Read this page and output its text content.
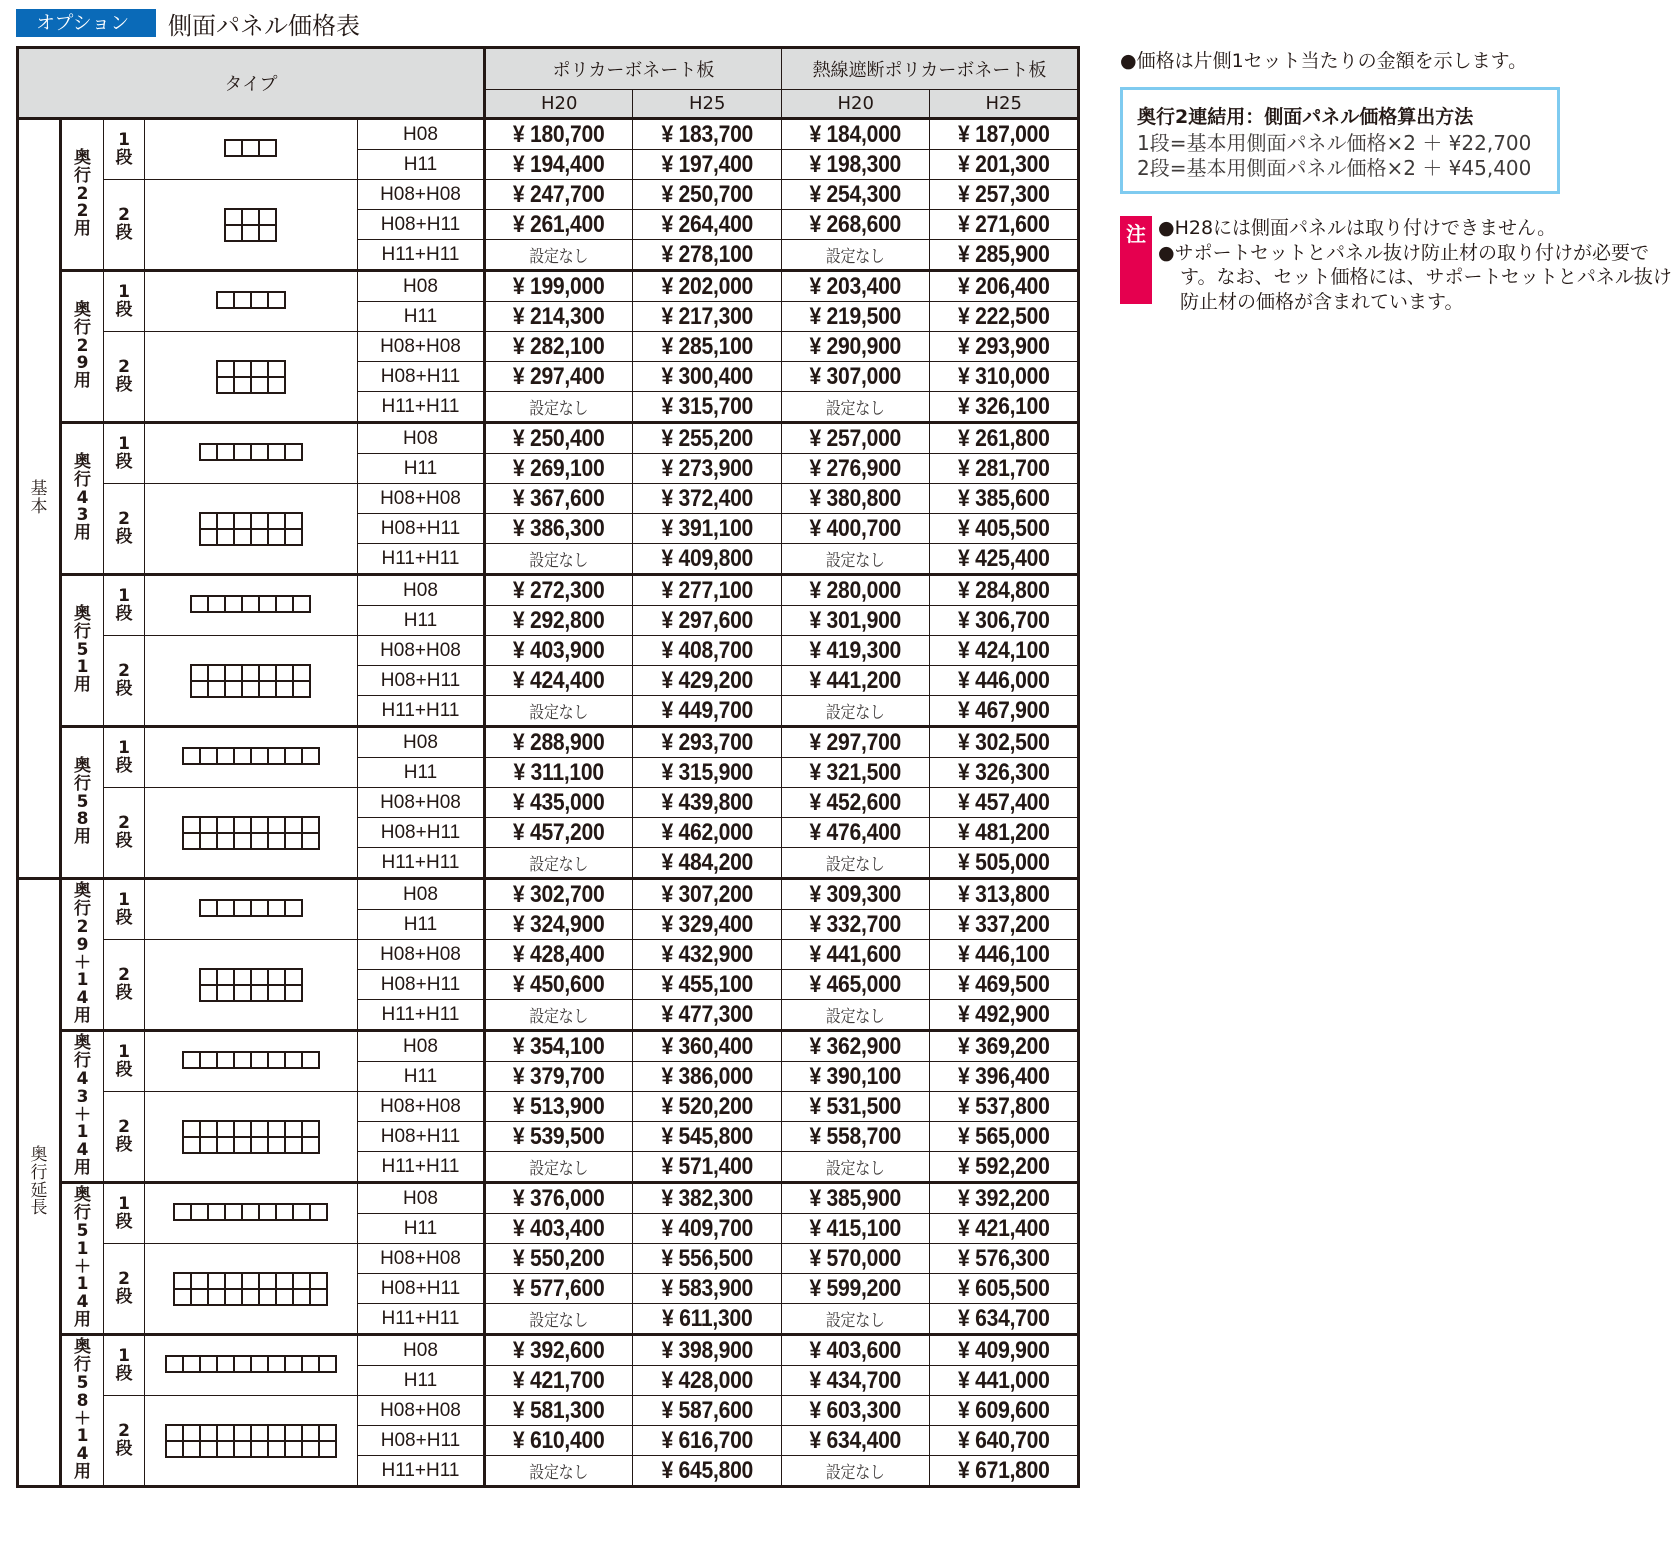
オプション	側面パネル価格表
タイプ					ポリカーボネート板		熱線遮断ポリカーボネート板	
					H20	H25	H20	H25
基本	奥行22用	1段		H08	¥ 180,700	¥ 183,700	¥ 184,000	¥ 187,000
				H11	¥ 194,400	¥ 197,400	¥ 198,300	¥ 201,300
		2段		H08+H08	¥ 247,700	¥ 250,700	¥ 254,300	¥ 257,300
				H08+H11	¥ 261,400	¥ 264,400	¥ 268,600	¥ 271,600
				H11+H11	設定なし	¥ 278,100	設定なし	¥ 285,900
	奥行29用	1段		H08	¥ 199,000	¥ 202,000	¥ 203,400	¥ 206,400
				H11	¥ 214,300	¥ 217,300	¥ 219,500	¥ 222,500
		2段		H08+H08	¥ 282,100	¥ 285,100	¥ 290,900	¥ 293,900
				H08+H11	¥ 297,400	¥ 300,400	¥ 307,000	¥ 310,000
				H11+H11	設定なし	¥ 315,700	設定なし	¥ 326,100
	奥行43用	1段		H08	¥ 250,400	¥ 255,200	¥ 257,000	¥ 261,800
				H11	¥ 269,100	¥ 273,900	¥ 276,900	¥ 281,700
		2段		H08+H08	¥ 367,600	¥ 372,400	¥ 380,800	¥ 385,600
				H08+H11	¥ 386,300	¥ 391,100	¥ 400,700	¥ 405,500
				H11+H11	設定なし	¥ 409,800	設定なし	¥ 425,400
	奥行51用	1段		H08	¥ 272,300	¥ 277,100	¥ 280,000	¥ 284,800
				H11	¥ 292,800	¥ 297,600	¥ 301,900	¥ 306,700
		2段		H08+H08	¥ 403,900	¥ 408,700	¥ 419,300	¥ 424,100
				H08+H11	¥ 424,400	¥ 429,200	¥ 441,200	¥ 446,000
				H11+H11	設定なし	¥ 449,700	設定なし	¥ 467,900
	奥行58用	1段		H08	¥ 288,900	¥ 293,700	¥ 297,700	¥ 302,500
				H11	¥ 311,100	¥ 315,900	¥ 321,500	¥ 326,300
		2段		H08+H08	¥ 435,000	¥ 439,800	¥ 452,600	¥ 457,400
				H08+H11	¥ 457,200	¥ 462,000	¥ 476,400	¥ 481,200
				H11+H11	設定なし	¥ 484,200	設定なし	¥ 505,000
奥行延長	奥行29＋14用	1段		H08	¥ 302,700	¥ 307,200	¥ 309,300	¥ 313,800
				H11	¥ 324,900	¥ 329,400	¥ 332,700	¥ 337,200
		2段		H08+H08	¥ 428,400	¥ 432,900	¥ 441,600	¥ 446,100
				H08+H11	¥ 450,600	¥ 455,100	¥ 465,000	¥ 469,500
				H11+H11	設定なし	¥ 477,300	設定なし	¥ 492,900
	奥行43＋14用	1段		H08	¥ 354,100	¥ 360,400	¥ 362,900	¥ 369,200
				H11	¥ 379,700	¥ 386,000	¥ 390,100	¥ 396,400
		2段		H08+H08	¥ 513,900	¥ 520,200	¥ 531,500	¥ 537,800
				H08+H11	¥ 539,500	¥ 545,800	¥ 558,700	¥ 565,000
				H11+H11	設定なし	¥ 571,400	設定なし	¥ 592,200
	奥行51＋14用	1段		H08	¥ 376,000	¥ 382,300	¥ 385,900	¥ 392,200
				H11	¥ 403,400	¥ 409,700	¥ 415,100	¥ 421,400
		2段		H08+H08	¥ 550,200	¥ 556,500	¥ 570,000	¥ 576,300
				H08+H11	¥ 577,600	¥ 583,900	¥ 599,200	¥ 605,500
				H11+H11	設定なし	¥ 611,300	設定なし	¥ 634,700
	奥行58＋14用	1段		H08	¥ 392,600	¥ 398,900	¥ 403,600	¥ 409,900
				H11	¥ 421,700	¥ 428,000	¥ 434,700	¥ 441,000
		2段		H08+H08	¥ 581,300	¥ 587,600	¥ 603,300	¥ 609,600
				H08+H11	¥ 610,400	¥ 616,700	¥ 634,400	¥ 640,700
				H11+H11	設定なし	¥ 645,800	設定なし	¥ 671,800

●価格は片側1セット当たりの金額を示します。

奥行2連結用：側面パネル価格算出方法
1段=基本用側面パネル価格×2 ＋ ¥22,700
2段=基本用側面パネル価格×2 ＋ ¥45,400
注 ●H28には側面パネルは取り付けできません。
●サポートセットとパネル抜け防止材の取り付けが必要です。なお、セット価格には、サポートセットとパネル抜け防止材の価格が含まれています。
